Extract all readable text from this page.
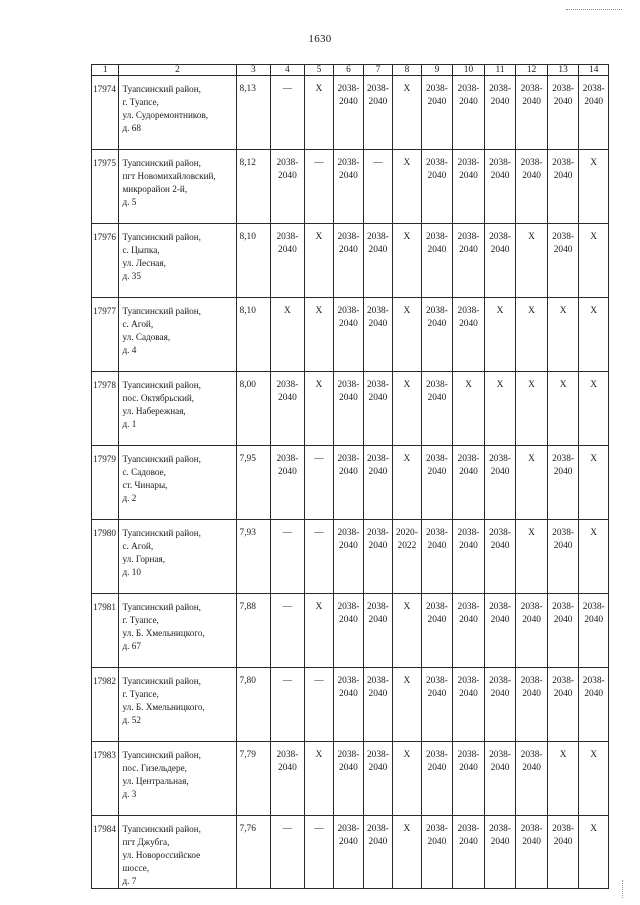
1630
1	2	3	4	5	6	7	8	9	10	11	12	13	14
17974	Туапсинский район,
г. Туапсе,
ул. Судоремонтников,
д. 68	8,13	—	X	2038-2040	2038-2040	X	2038-2040	2038-2040	2038-2040	2038-2040	2038-2040	2038-2040
17975	Туапсинский район,
пгт Новомихайловский,
микрорайон 2-й,
д. 5	8,12	2038-2040	—	2038-2040	—	X	2038-2040	2038-2040	2038-2040	2038-2040	2038-2040	X
17976	Туапсинский район,
с. Цыпка,
ул. Лесная,
д. 35	8,10	2038-2040	X	2038-2040	2038-2040	X	2038-2040	2038-2040	2038-2040	X	2038-2040	X
17977	Туапсинский район,
с. Агой,
ул. Садовая,
д. 4	8,10	X	X	2038-2040	2038-2040	X	2038-2040	2038-2040	X	X	X	X
17978	Туапсинский район,
пос. Октябрьский,
ул. Набережная,
д. 1	8,00	2038-2040	X	2038-2040	2038-2040	X	2038-2040	X	X	X	X	X
17979	Туапсинский район,
с. Садовое,
ст. Чинары,
д. 2	7,95	2038-2040	—	2038-2040	2038-2040	X	2038-2040	2038-2040	2038-2040	X	2038-2040	X
17980	Туапсинский район,
с. Агой,
ул. Горная,
д. 10	7,93	—	—	2038-2040	2038-2040	2020-2022	2038-2040	2038-2040	2038-2040	X	2038-2040	X
17981	Туапсинский район,
г. Туапсе,
ул. Б. Хмельницкого,
д. 67	7,88	—	X	2038-2040	2038-2040	X	2038-2040	2038-2040	2038-2040	2038-2040	2038-2040	2038-2040
17982	Туапсинский район,
г. Туапсе,
ул. Б. Хмельницкого,
д. 52	7,80	—	—	2038-2040	2038-2040	X	2038-2040	2038-2040	2038-2040	2038-2040	2038-2040	2038-2040
17983	Туапсинский район,
пос. Гизельдере,
ул. Центральная,
д. 3	7,79	2038-2040	X	2038-2040	2038-2040	X	2038-2040	2038-2040	2038-2040	2038-2040	X	X
17984	Туапсинский район,
пгт Джубга,
ул. Новороссийское
шоссе,
д. 7	7,76	—	—	2038-2040	2038-2040	X	2038-2040	2038-2040	2038-2040	2038-2040	2038-2040	X
